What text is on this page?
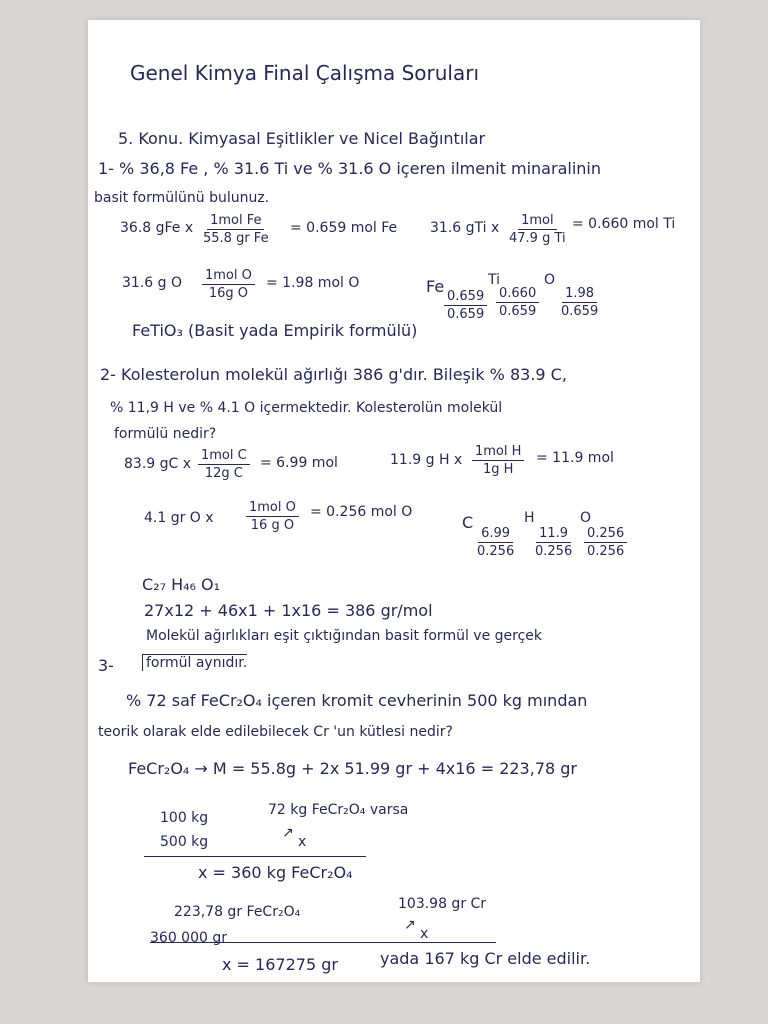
Genel Kimya Final Çalışma Soruları
5. Konu. Kimyasal Eşitlikler ve Nicel Bağıntılar
1- % 36,8 Fe , % 31.6 Ti ve % 31.6 O içeren ilmenit minaralinin
basit formülünü bulunuz.
36.8 gFe x 1mol Fe
55.8 gr Fe
= 0.659 mol Fe 31.6 gTi x 1mol
47.9 g Ti
= 0.660 mol Ti
31.6 g O 1mol O
16g O
= 1.98 mol O	Fe
$\frac{0.659}{0.659}$
Ti
$\frac{0.660}{0.659}$
O
$\frac{1.98}{0.659}$
FeTiO₃ (Basit yada Empirik formülü)
2- Kolesterolun molekül ağırlığı 386 g'dır. Bileşik % 83.9 C,
% 11,9 H ve % 4.1 O içermektedir. Kolesterolün molekül
formülü nedir?
83.9 gC x
1mol C
12g C
= 6.99 mol	11.9 g H x
1mol H
1g H
= 11.9 mol
4.1 gr O x
1mol O
16 g O
= 0.256 mol O
C
$\frac{6.99}{0.256}$
H
$\frac{11.9}{0.256}$
O
$\frac{0.256}{0.256}$
C₂₇ H₄₆ O₁
27x12 + 46x1 + 1x16 = 386 gr/mol
Molekül ağırlıkları eşit çıktığından basit formül ve gerçek
3- formül aynıdır.
% 72 saf FeCr₂O₄ içeren kromit cevherinin 500 kg mından
teorik olarak elde edilebilecek Cr 'un kütlesi nedir?
FeCr₂O₄ → M = 55.8g + 2x 51.99 gr + 4x16 = 223,78 gr
100 kg	72 kg FeCr₂O₄ varsa
500 kg
↗
x
x = 360 kg FeCr₂O₄
223,78 gr FeCr₂O₄	103.98 gr Cr
360 000 gr
↗
x
x = 167275 gr	yada 167 kg Cr elde edilir.
